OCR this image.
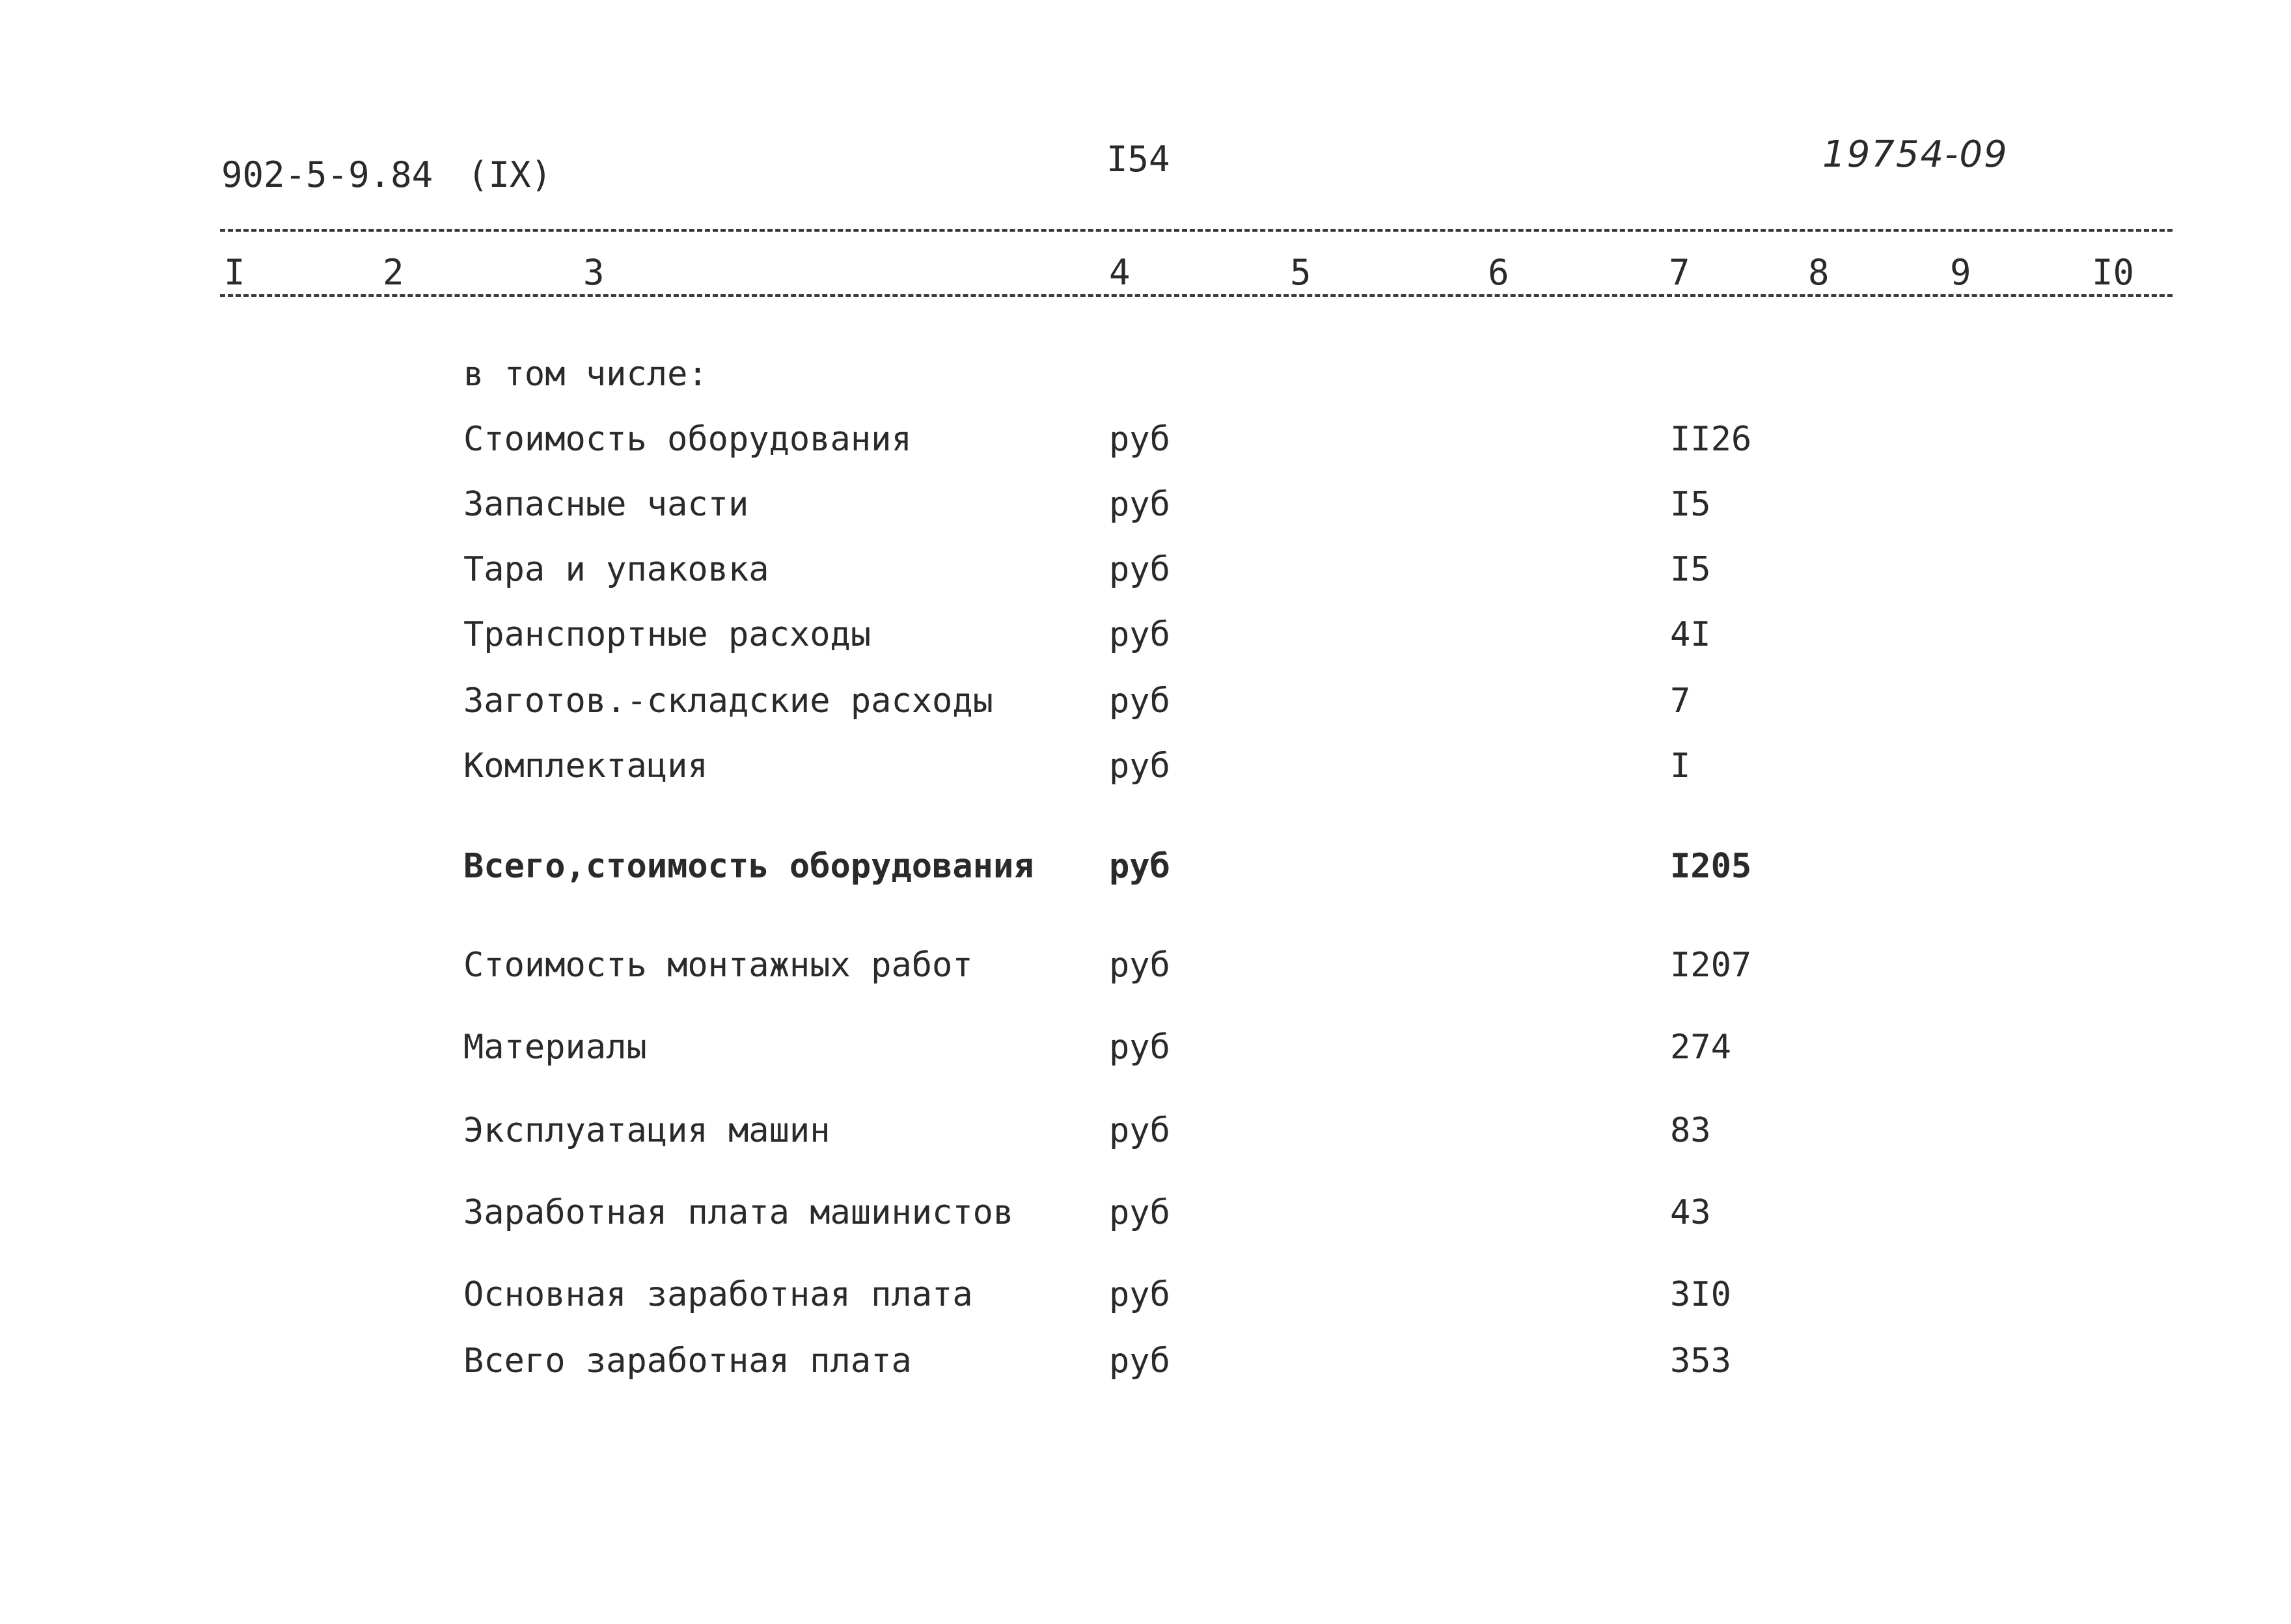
902-5-9.84 (IX)	I54	19754-09
I	2	3	4	5	6	7	8	9	I0
в том числе:
Стоимость оборудования	руб	II26
Запасные части	руб	I5
Тара и упаковка	руб	I5
Транспортные расходы	руб	4I
Заготов.-складские расходы	руб	7
Комплектация	руб	I
Всего,стоимость оборудования руб	I205
Стоимость монтажных работ	руб	I207
Материалы	руб	274
Эксплуатация машин	руб	83
Заработная плата машинистов	руб	43
Основная заработная плата	руб	3I0
Всего заработная плата	руб	353
